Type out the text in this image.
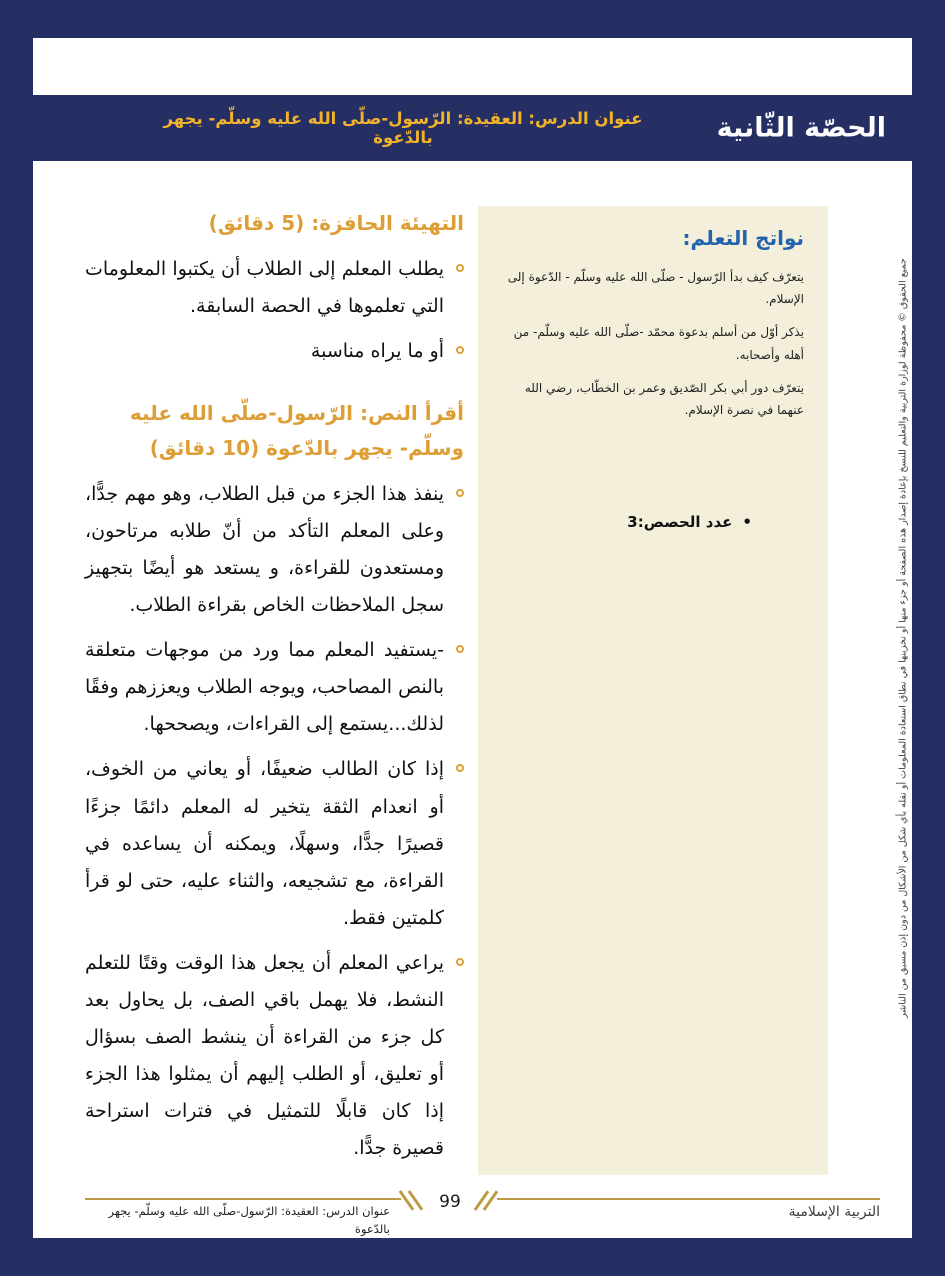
عنوان الدرس: العقيدة: الرّسول-صلّى الله عليه وسلّم- يجهر بالدّعوة	الحصّة الثّانية
نواتج التعلم:

يتعرّف كيف بدأ الرّسول - صلّى الله عليه وسلّم - الدّعوة إلى الإسلام.

يذكر أوّل من أسلم بدعوة محمّد -صلّى الله عليه وسلّم- من أهله وأصحابه.

يتعرّف دور أبي بكر الصّديق وعمر بن الخطّاب، رضي الله عنهما في نصرة الإسلام.

•
عدد الحصص:3
التهيئة الحافزة: (5 دقائق)

يطلب المعلم إلى الطلاب أن يكتبوا المعلومات التي تعلموها في الحصة السابقة.

أو ما يراه مناسبة

أقرأ النص: الرّسول-صلّى الله عليه وسلّم- يجهر بالدّعوة (10 دقائق)

ينفذ هذا الجزء من قبل الطلاب، وهو مهم جدًّا، وعلى المعلم التأكد من أنّ طلابه مرتاحون، ومستعدون للقراءة، و يستعد هو أيضًا بتجهيز سجل الملاحظات الخاص بقراءة الطلاب.

-يستفيد المعلم مما ورد من موجهات متعلقة بالنص المصاحب، ويوجه الطلاب ويعززهم وفقًا لذلك...يستمع إلى القراءات، ويصححها.

إذا كان الطالب ضعيفًا، أو يعاني من الخوف، أو انعدام الثقة يتخير له المعلم دائمًا جزءًا قصيرًا جدًّا، وسهلًا، ويمكنه أن يساعده في القراءة، مع تشجيعه، والثناء عليه، حتى لو قرأ كلمتين فقط.

يراعي المعلم أن يجعل هذا الوقت وقتًا للتعلم النشط، فلا يهمل باقي الصف، بل يحاول بعد كل جزء من القراءة أن ينشط الصف بسؤال أو تعليق، أو الطلب إليهم أن يمثلوا هذا الجزء إذا كان قابلًا للتمثيل في فترات استراحة قصيرة جدًّا.

جميع الحقوق © محفوظة لوزارة التربية والتعليم للنسخ بإعادة إصدار هذه الصفحة أو جزء منها أو تخزينها في نطاق استعادة المعلومات أو نقله بأي شكل من الأشكال من دون إذن مسبق من الناشر
99	التربية الإسلامية
عنوان الدرس: العقيدة: الرّسول-صلّى الله عليه وسلّم- يجهر بالدّعوة
